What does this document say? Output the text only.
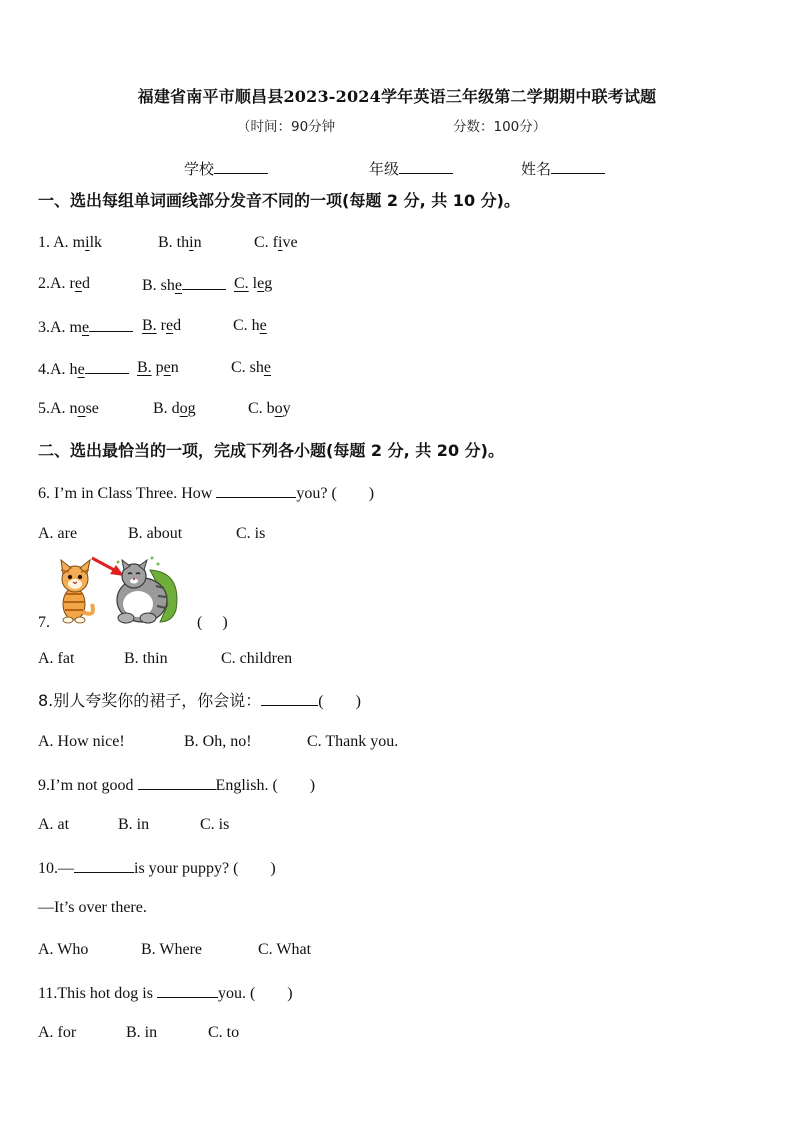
福建省南平市顺昌县2023-2024学年英语三年级第二学期期中联考试题
（时间：90分钟	分数：100分）
学校	年级	姓名
一、选出每组单词画线部分发音不同的一项(每题 2 分, 共 10 分)。
1. A. milk	B. thin	C. five
2.A. red	B. she	C. leg
3.A. me	B. red	C. he
4.A. he	B. pen	C. she
5.A. nose	B. dog	C. boy
二、选出最恰当的一项，完成下列各小题(每题 2 分, 共 20 分)。
6. I’m in Class Three. How	you? (　　)
A. are	B. about	C. is
7.	(　 )
A. fat	B. thin	C. children
8.别人夸奖你的裙子，你会说：	(　　)
A. How nice!	B. Oh, no!	C. Thank you.
9.I’m not good	English. (　　)
A. at	B. in	C. is
10.—	is your puppy? (　　)
—It’s over there.
A. Who	B. Where	C. What
11.This hot dog is	you. (　　)
A. for	B. in	C. to
